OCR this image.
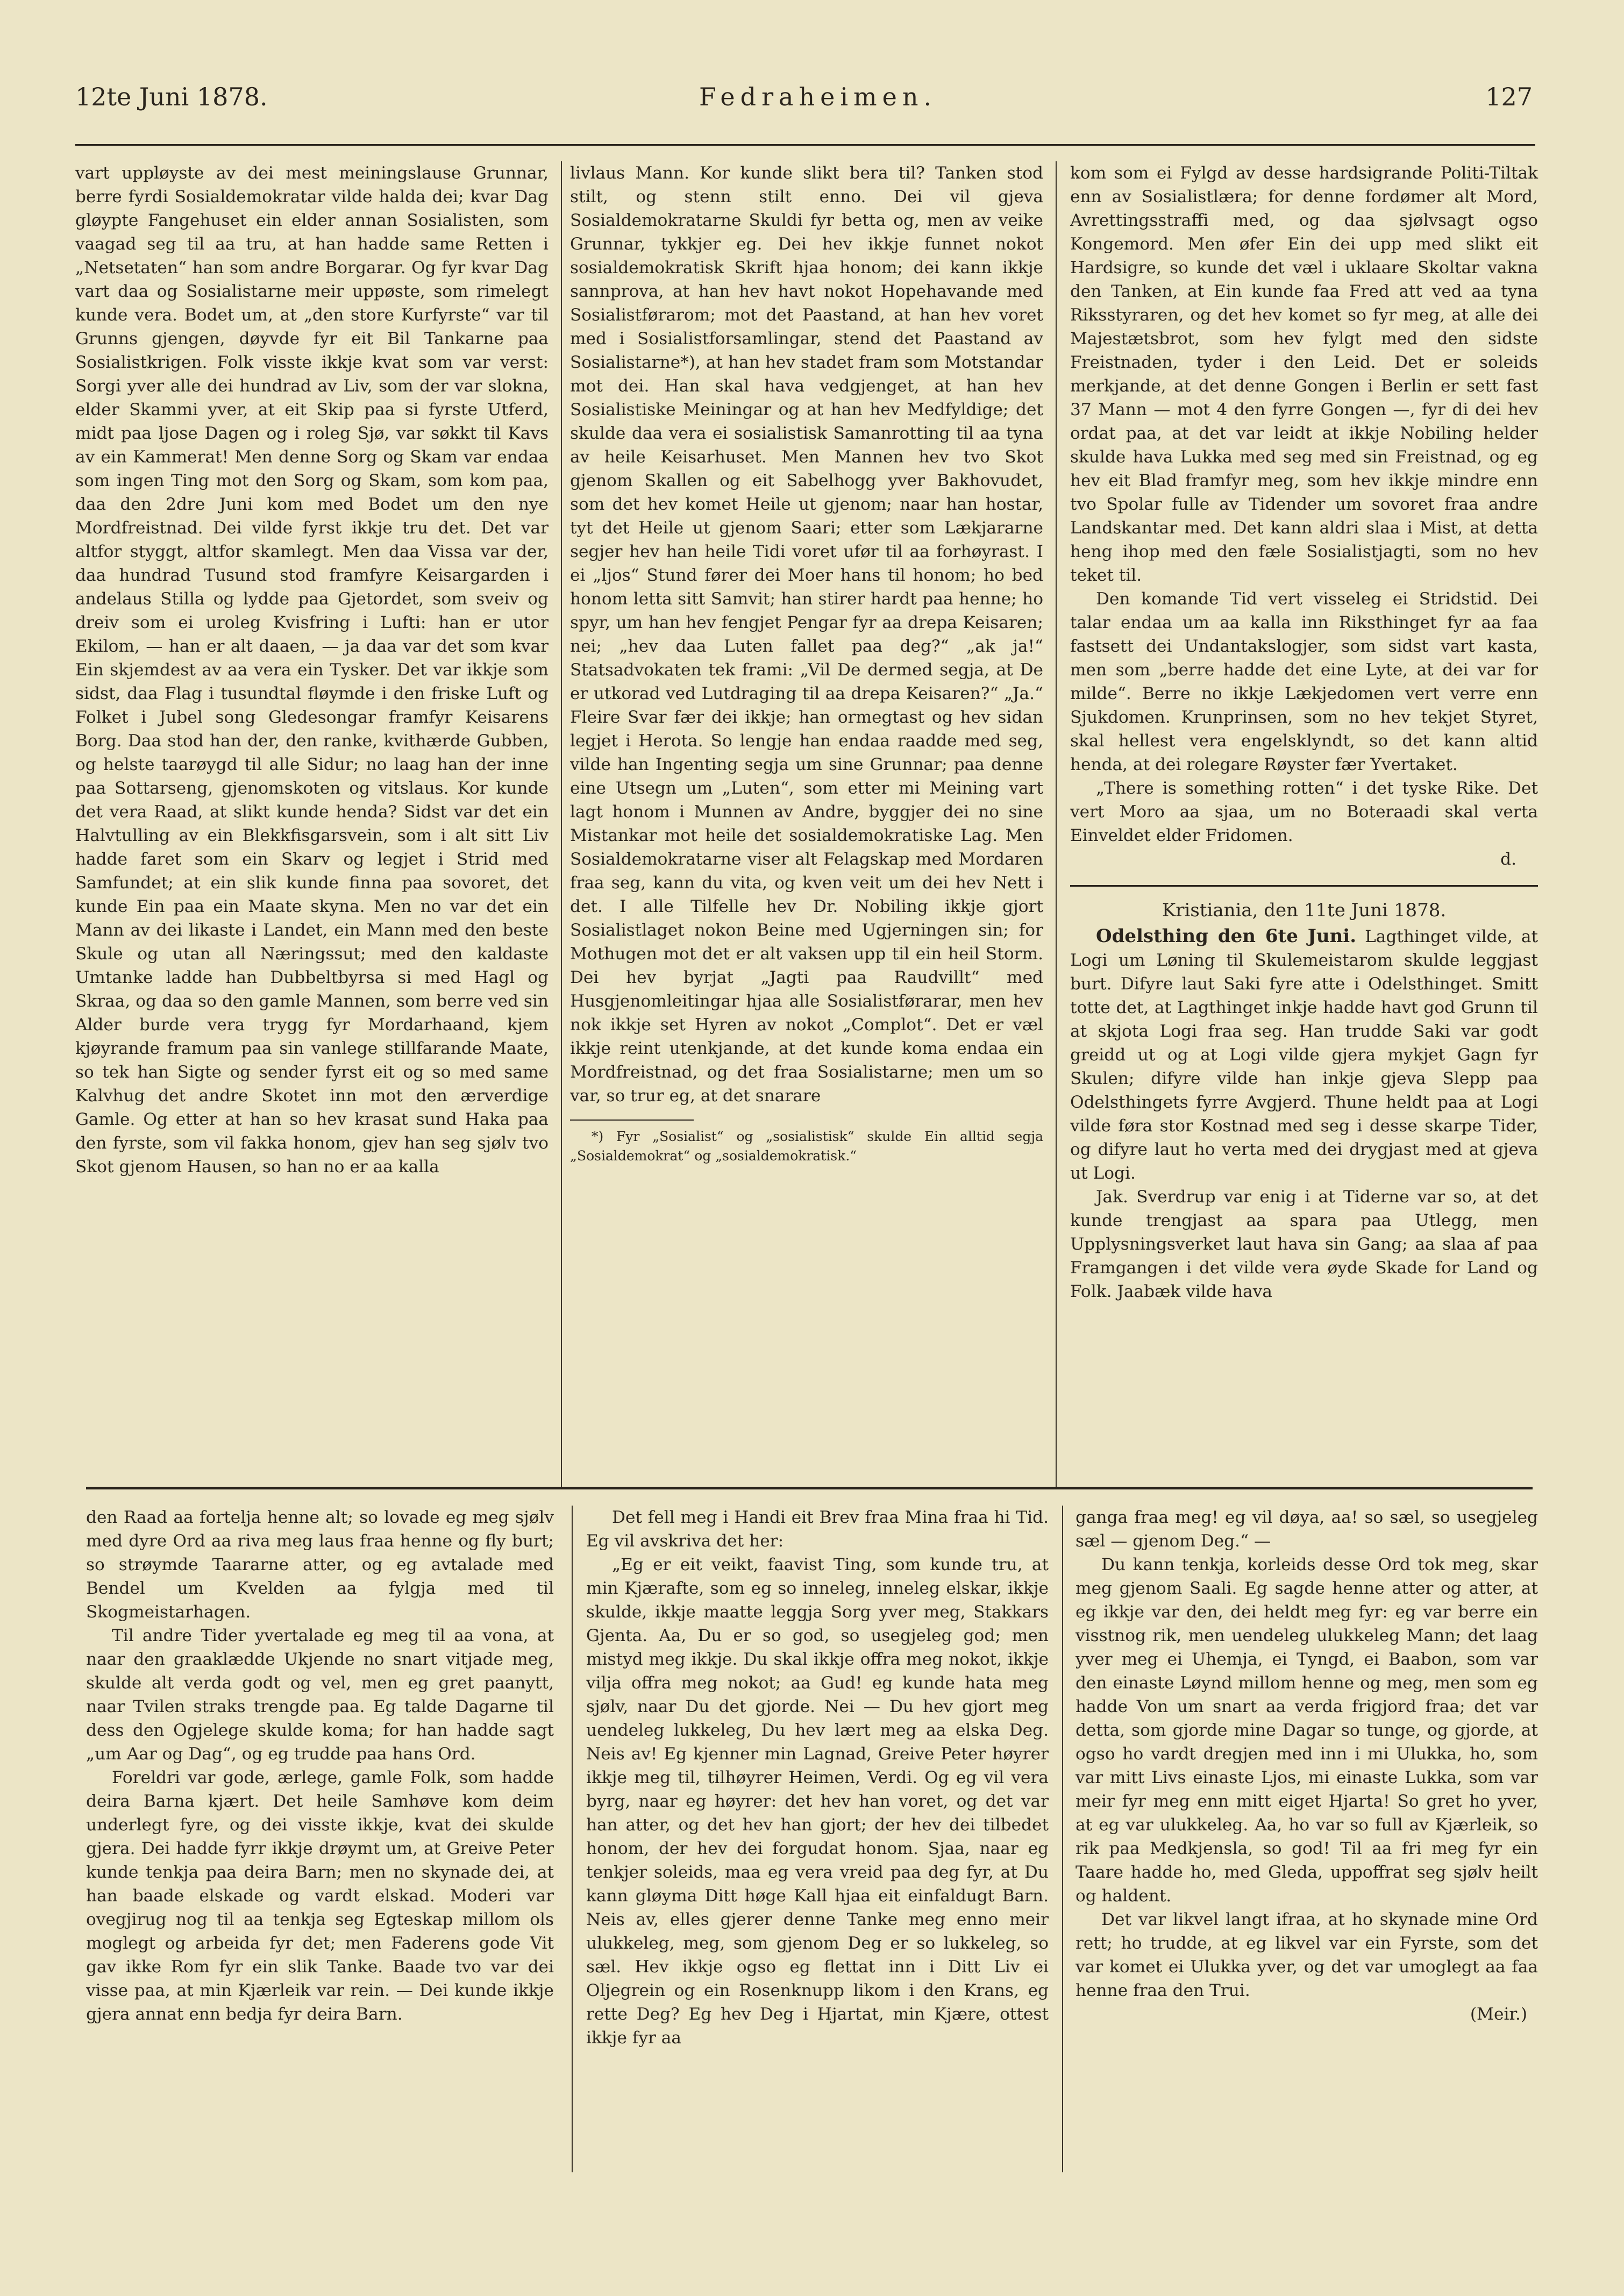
12te Juni 1878.	Fedraheimen.	127

vart uppløyste av dei mest meiningslause Grunnar, berre fyrdi Sosialdemokratar vilde halda dei; kvar Dag gløypte Fangehuset ein elder annan Sosialisten, som vaagad seg til aa tru, at han hadde same Retten i „Netsetaten“ han som andre Borgarar. Og fyr kvar Dag vart daa og Sosialistarne meir uppøste, som rimelegt kunde vera. Bodet um, at „den store Kurfyrste“ var til Grunns gjengen, døyvde fyr eit Bil Tankarne paa Sosialistkrigen. Folk visste ikkje kvat som var verst: Sorgi yver alle dei hundrad av Liv, som der var slokna, elder Skammi yver, at eit Skip paa si fyrste Utferd, midt paa ljose Dagen og i roleg Sjø, var søkkt til Kavs av ein Kammerat! Men denne Sorg og Skam var endaa som ingen Ting mot den Sorg og Skam, som kom paa, daa den 2dre Juni kom med Bodet um den nye Mordfreistnad. Dei vilde fyrst ikkje tru det. Det var altfor styggt, altfor skamlegt. Men daa Vissa var der, daa hundrad Tusund stod framfyre Keisargarden i andelaus Stilla og lydde paa Gjetordet, som sveiv og dreiv som ei uroleg Kvisfring i Lufti: han er utor Ekilom, — han er alt daaen, — ja daa var det som kvar Ein skjemdest av aa vera ein Tysker. Det var ikkje som sidst, daa Flag i tusundtal fløymde i den friske Luft og Folket i Jubel song Gledesongar framfyr Keisarens Borg. Daa stod han der, den ranke, kvithærde Gubben, og helste taarøygd til alle Sidur; no laag han der inne paa Sottarseng, gjenomskoten og vitslaus. Kor kunde det vera Raad, at slikt kunde henda? Sidst var det ein Halvtulling av ein Blekkfisgarsvein, som i alt sitt Liv hadde faret som ein Skarv og legjet i Strid med Samfundet; at ein slik kunde finna paa sovoret, det kunde Ein paa ein Maate skyna. Men no var det ein Mann av dei likaste i Landet, ein Mann med den beste Skule og utan all Næringssut; med den kaldaste Umtanke ladde han Dubbeltbyrsa si med Hagl og Skraa, og daa so den gamle Mannen, som berre ved sin Alder burde vera trygg fyr Mordarhaand, kjem kjøyrande framum paa sin vanlege stillfarande Maate, so tek han Sigte og sender fyrst eit og so med same Kalvhug det andre Skotet inn mot den ærverdige Gamle. Og etter at han so hev krasat sund Haka paa den fyrste, som vil fakka honom, gjev han seg sjølv tvo Skot gjenom Hausen, so han no er aa kalla

livlaus Mann. Kor kunde slikt bera til? Tanken stod stilt, og stenn stilt enno. Dei vil gjeva Sosialdemokratarne Skuldi fyr betta og, men av veike Grunnar, tykkjer eg. Dei hev ikkje funnet nokot sosialdemokratisk Skrift hjaa honom; dei kann ikkje sannprova, at han hev havt nokot Hopehavande med Sosialistførarom; mot det Paastand, at han hev voret med i Sosialistforsamlingar, stend det Paastand av Sosialistarne*), at han hev stadet fram som Motstandar mot dei. Han skal hava vedgjenget, at han hev Sosialistiske Meiningar og at han hev Medfyldige; det skulde daa vera ei sosialistisk Samanrotting til aa tyna av heile Keisarhuset. Men Mannen hev tvo Skot gjenom Skallen og eit Sabelhogg yver Bakhovudet, som det hev komet Heile ut gjenom; naar han hostar, tyt det Heile ut gjenom Saari; etter som Lækjararne segjer hev han heile Tidi voret ufør til aa forhøyrast. I ei „ljos“ Stund fører dei Moer hans til honom; ho bed honom letta sitt Samvit; han stirer hardt paa henne; ho spyr, um han hev fengjet Pengar fyr aa drepa Keisaren; nei; „hev daa Luten fallet paa deg?“ „ak ja!“ Statsadvokaten tek frami: „Vil De dermed segja, at De er utkorad ved Lutdraging til aa drepa Keisaren?“ „Ja.“ Fleire Svar fær dei ikkje; han ormegtast og hev sidan legjet i Herota. So lengje han endaa raadde med seg, vilde han Ingenting segja um sine Grunnar; paa denne eine Utsegn um „Luten“, som etter mi Meining vart lagt honom i Munnen av Andre, byggjer dei no sine Mistankar mot heile det sosialdemokratiske Lag. Men Sosialdemokratarne viser alt Felagskap med Mordaren fraa seg, kann du vita, og kven veit um dei hev Nett i det. I alle Tilfelle hev Dr. Nobiling ikkje gjort Sosialistlaget nokon Beine med Ugjerningen sin; for Mothugen mot det er alt vaksen upp til ein heil Storm. Dei hev byrjat „Jagti paa Raudvillt“ med Husgjenomleitingar hjaa alle Sosialistførarar, men hev nok ikkje set Hyren av nokot „Complot“. Det er væl ikkje reint utenkjande, at det kundе koma endaa ein Mordfreistnad, og det fraa Sosialistarne; men um so var, so trur eg, at det snarare

*) Fyr „Sosialist“ og „sosialistisk“ skulde Ein alltid segja „Sosialdemokrat“ og „sosialdemokratisk.“

kom som ei Fylgd av desse hardsigrande Politi-Tiltak enn av Sosialistlæra; for denne fordømer alt Mord, Avrettingsstraffi med, og daa sjølvsagt ogso Kongemord. Men øfer Ein dei upp med slikt eit Hardsigre, so kunde det væl i uklaare Skoltar vakna den Tanken, at Ein kunde faa Fred att ved aa tyna Riksstyraren, og det hev komet so fyr meg, at alle dei Majestætsbrot, som hev fylgt med den sidste Freistnaden, tyder i den Leid. Det er soleids merkjande, at det denne Gongen i Berlin er sett fast 37 Mann — mot 4 den fyrre Gongen —, fyr di dei hev ordat paa, at det var leidt at ikkje Nobiling helder skulde hava Lukka med seg med sin Freistnad, og eg hev eit Blad framfyr meg, som hev ikkje mindre enn tvo Spolar fulle av Tidender um sovoret fraa andre Landskantar med. Det kann aldri slaa i Mist, at detta heng ihop med den fæle Sosialistjagti, som no hev teket til.

Den komande Tid vert visseleg ei Stridstid. Dei talar endaa um aa kalla inn Riksthinget fyr aa faa fastsett dei Undantakslogjer, som sidst vart kasta, men som „berre hadde det eine Lyte, at dei var for milde“. Berre no ikkje Lækjedomen vert verre enn Sjukdomen. Krunprinsen, som no hev tekjet Styret, skal hellest vera engelsklyndt, so det kann altid henda, at dei rolegare Røyster fær Yvertaket.

„There is something rotten“ i det tyske Rike. Det vert Moro aa sjaa, um no Boteraadi skal verta Einveldet elder Fridomen.

d.

Kristiania, den 11te Juni 1878.

Odelsthing den 6te Juni. Lagthinget vilde, at Logi um Løning til Skulemeistarom skulde leggjast burt. Difyre laut Saki fyre atte i Odelsthinget. Smitt totte det, at Lagthinget inkje hadde havt god Grunn til at skjota Logi fraa seg. Han trudde Saki var godt greidd ut og at Logi vilde gjera mykjet Gagn fyr Skulen; difyre vilde han inkje gjeva Slepp paa Odelsthingets fyrre Avgjerd. Thune heldt paa at Logi vilde føra stor Kostnad med seg i desse skarpe Tider, og difyre laut ho verta med dei drygjast med at gjeva ut Logi.

Jak. Sverdrup var enig i at Tiderne var so, at det kunde trengjast aa spara paa Utlegg, men Upplysningsverket laut hava sin Gang; aa slaa af paa Framgangen i det vilde vera øyde Skade for Land og Folk. Jaabæk vilde hava

den Raad aa fortelja henne alt; so lovade eg meg sjølv med dyre Ord aa riva meg laus fraa henne og fly burt; so strøymde Taararne atter, og eg avtalade med Bendel um Kvelden aa fylgja med til Skogmeistarhagen.

Til andre Tider yvertalade eg meg til aa vona, at naar den graaklædde Ukjende no snart vitjade meg, skulde alt verda godt og vel, men eg gret paanytt, naar Tvilen straks trengde paa. Eg talde Dagarne til dess den Ogjelege skulde koma; for han hadde sagt „um Aar og Dag“, og eg trudde paa hans Ord.

Foreldri var gode, ærlege, gamle Folk, som hadde deira Barna kjært. Det heile Samhøve kom deim underlegt fyre, og dei visste ikkje, kvat dei skulde gjera. Dei hadde fyrr ikkje drøymt um, at Greive Peter kunde tenkja paa deira Barn; men no skynade dei, at han baade elskade og vardt elskad. Moderi var ovegjirug nog til aa tenkja seg Egteskap millom ols moglegt og arbeida fyr det; men Faderens gode Vit gav ikke Rom fyr ein slik Tanke. Baade tvo var dei visse paa, at min Kjærleik var rein. — Dei kunde ikkje gjera annat enn bedja fyr deira Barn.

Det fell meg i Handi eit Brev fraa Mina fraa hi Tid. Eg vil avskriva det her:

„Eg er eit veikt, faavist Ting, som kunde tru, at min Kjærafte, som eg so inneleg, inneleg elskar, ikkje skulde, ikkje maatte leggja Sorg yver meg, Stakkars Gjenta. Aa, Du er so god, so usegjeleg god; men mistyd meg ikkje. Du skal ikkje offra meg nokot, ikkje vilja offra meg nokot; aa Gud! eg kunde hata meg sjølv, naar Du det gjorde. Nei — Du hev gjort meg uendeleg lukkeleg, Du hev lært meg aa elska Deg. Neis av! Eg kjenner min Lagnad, Greive Peter høyrer ikkje meg til, tilhøyrer Heimen, Verdi. Og eg vil vera byrg, naar eg høyrer: det hev han voret, og det var han atter, og det hev han gjort; der hev dei tilbedet honom, der hev dei forgudat honom. Sjaa, naar eg tenkjer soleids, maa eg vera vreid paa deg fyr, at Du kann gløyma Ditt høge Kall hjaa eit einfaldugt Barn. Neis av, elles gjerer denne Tanke meg enno meir ulukkeleg, meg, som gjenom Deg er so lukkeleg, so sæl. Hev ikkje ogso eg flettat inn i Ditt Liv ei Oljegrein og ein Rosenknupp likom i den Krans, eg rette Deg? Eg hev Deg i Hjartat, min Kjære, ottest ikkje fyr aa

ganga fraa meg! eg vil døya, aa! so sæl, so usegjeleg sæl — gjenom Deg.“ —

Du kann tenkja, korleids desse Ord tok meg, skar meg gjenom Saali. Eg sagde henne atter og atter, at eg ikkje var den, dei heldt meg fyr: eg var berre ein visstnog rik, men uendeleg ulukkeleg Mann; det laag yver meg ei Uhemja, ei Tyngd, ei Baabon, som var den einaste Løynd millom henne og meg, men som eg hadde Von um snart aa verda frigjord fraa; det var detta, som gjorde mine Dagar so tunge, og gjorde, at ogso ho vardt dregjen med inn i mi Ulukka, ho, som var mitt Livs einaste Ljos, mi einaste Lukka, som var meir fyr meg enn mitt eiget Hjarta! So gret ho yver, at eg var ulukkeleg. Aa, ho var so full av Kjærleik, so rik paa Medkjensla, so god! Til aa fri meg fyr ein Taare hadde ho, med Gleda, uppoffrat seg sjølv heilt og haldent.

Det var likvel langt ifraa, at ho skynade mine Ord rett; ho trudde, at eg likvel var ein Fyrste, som det var komet ei Ulukka yver, og det var umoglegt aa faa henne fraa den Trui.

(Meir.)
